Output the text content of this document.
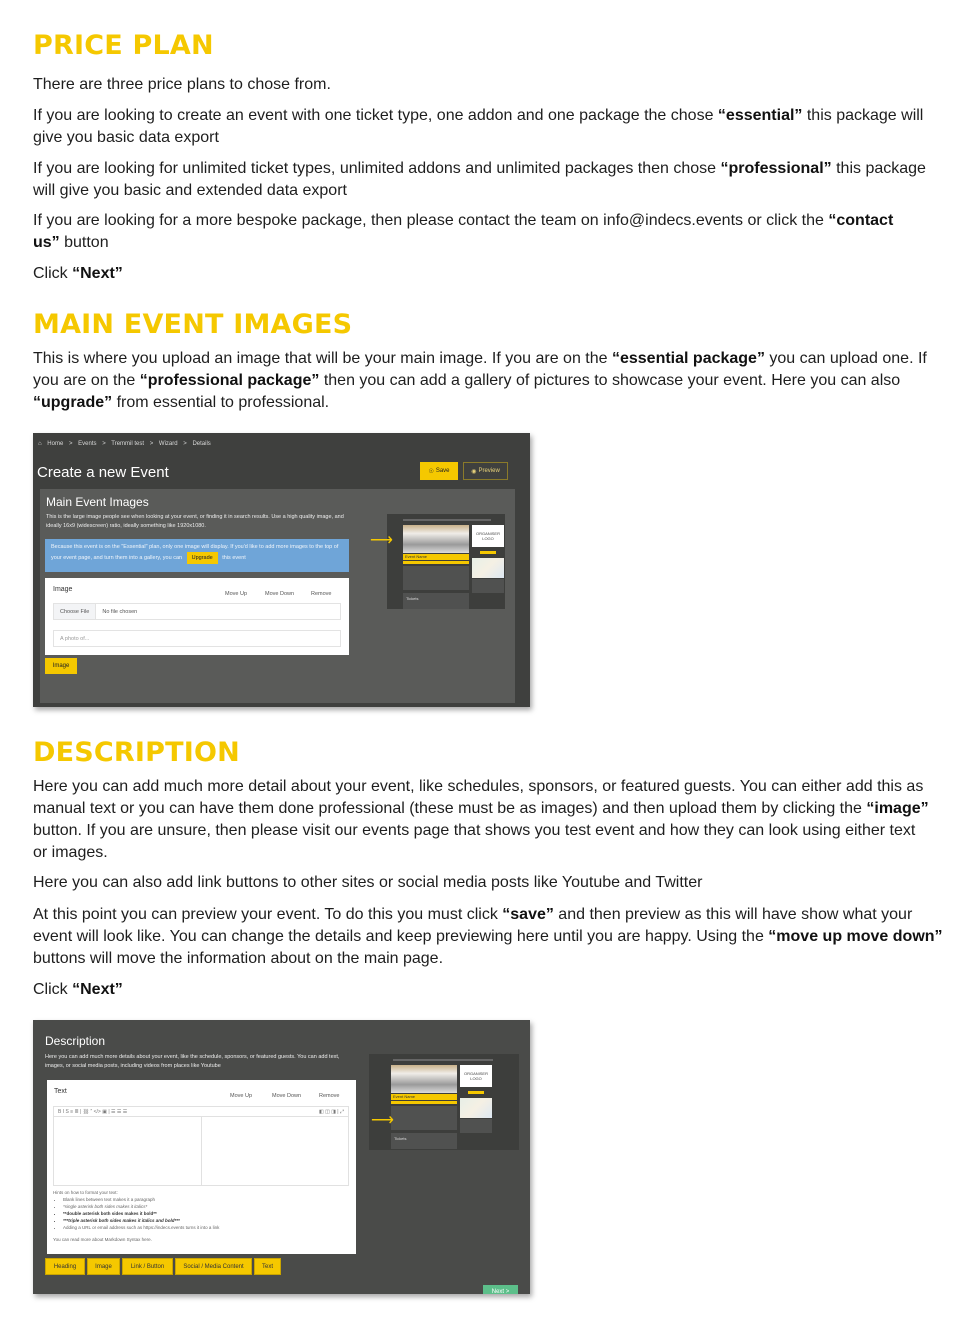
PRICE PLAN
There are three price plans to chose from.
If you are looking to create an event with one ticket type, one addon and one package the chose “essential” this package will give you basic data export
If you are looking for unlimited ticket types, unlimited addons and unlimited packages then chose “professional” this package will give you basic and extended data export
If you are looking for a more bespoke package, then please contact the team on info@indecs.events or click the “contact us” button
Click “Next”
MAIN EVENT IMAGES
This is where you upload an image that will be your main image. If you are on the “essential package” you can upload one. If you are on the “professional package” then you can add a gallery of pictures to showcase your event. Here you can also “upgrade” from essential to professional.
DESCRIPTION
Here you can add much more detail about your event, like schedules, sponsors, or featured guests. You can either add this as manual text or you can have them done professional (these must be as images) and then upload them by clicking the “image” button. If you are unsure, then please visit our events page that shows you test event and how they can look using either text or images.
Here you can also add link buttons to other sites or social media posts like Youtube and Twitter
At this point you can preview your event. To do this you must click “save” and then preview as this will have show what your event will look like. You can change the details and keep previewing here until you are happy. Using the “move up move down” buttons will move the information about on the main page.
Click “Next”
⌂ Home > Events > Tremmil test > Wizard > Details
Create a new Event	☉ Save	◉ Preview
Main Event Images
This is the large image people see when looking at your event, or finding it in search results. Use a high quality image, and ideally 16x9 (widescreen) ratio, ideally something like 1920x1080.
Because this event is on the "Essential" plan, only one image will display. If you'd like to add more images to the top of your event page, and turn them into a gallery, you can Upgrade this event
Image
Move Up	Move Down	Remove
Choose File	No file chosen
A photo of...
Image
Event Name
Tickets
ORGANISER LOGO
⟶
Description
Here you can add much more details about your event, like the schedule, sponsors, or featured guests. You can add text, images, or social media posts, including videos from places like Youtube
Text
Move Up	Move Down	Remove
B I S ≡ ≣ | ⛓ ” </> ▣ | ☰ ☰ ☰	◧ ◫ ◨ | ⤢
Hints on how to format your text:
• Blank lines between text makes it a paragraph
• *single asterisk both sides makes it italics*
• **double asterisk both sides makes it bold**
• ***triple asterisk both sides makes it italics and bold***
• Adding a URL or email address such as https://indecs.events turns it into a link
You can read more about Markdown Syntax here.
Heading	Image	Link / Button	Social / Media Content	Text
Next >
Event Name
Tickets
ORGANISER LOGO
⟶
